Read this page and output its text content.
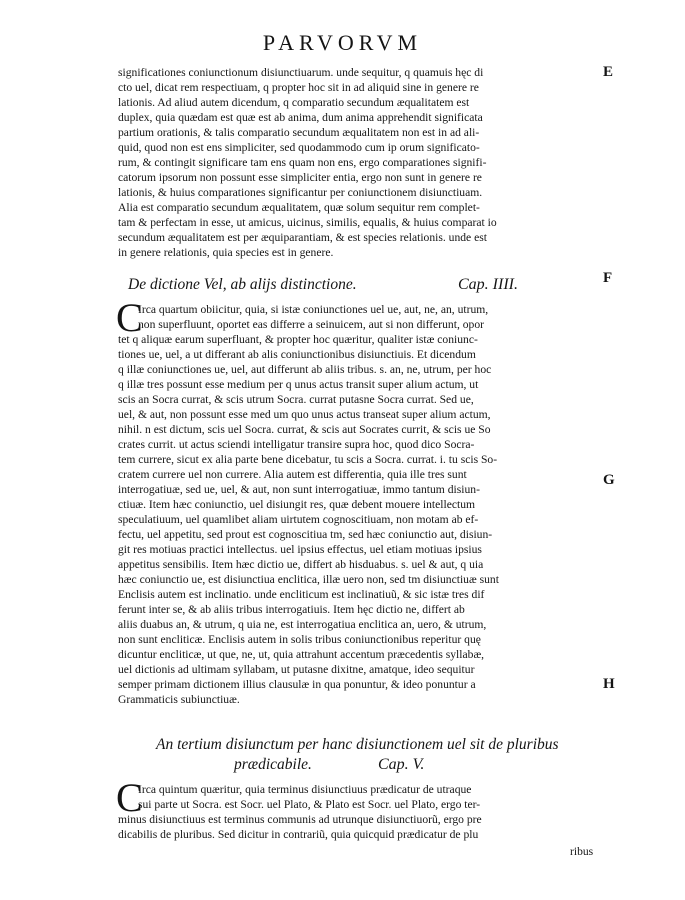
PARVORVM
E
F
G
H
significationes coniunctionum disiunctiuarum. unde sequitur, q quamuis hęc di
cto uel, dicat rem respectiuam, q propter hoc sit in ad aliquid sine in genere re
lationis. Ad aliud autem dicendum, q comparatio secundum æqualitatem est
duplex, quia quædam est quæ est ab anima, dum anima apprehendit significata
partium orationis, & talis comparatio secundum æqualitatem non est in ad ali-
quid, quod non est ens simpliciter, sed quodammodo cum ip orum significato-
rum, & contingit significare tam ens quam non ens, ergo comparationes signifi-
catorum ipsorum non possunt esse simpliciter entia, ergo non sunt in genere re
lationis, & huius comparationes significantur per coniunctionem disiunctiuam.
Alia est comparatio secundum æqualitatem, quæ solum sequitur rem complet-
tam & perfectam in esse, ut amicus, uicinus, similis, equalis, & huius comparat io
secundum æqualitatem est per æquiparantiam, & est species relationis. unde est
in genere relationis, quia species est in genere.
De dictione Vel, ab alijs distinctione.	Cap. IIII.
C
Irca quartum obiicitur, quia, si istæ coniunctiones uel ue, aut, ne, an, utrum,
non superfluunt, oportet eas differre a seinuicem, aut si non differunt, opor
tet q aliquæ earum superfluant, & propter hoc quæritur, qualiter istæ coniunc-
tiones ue, uel, a ut differant ab alis coniunctionibus disiunctiuis. Et dicendum
q illæ coniunctiones ue, uel, aut differunt ab aliis tribus. s. an, ne, utrum, per hoc
q illæ tres possunt esse medium per q unus actus transit super alium actum, ut
scis an Socra currat, & scis utrum Socra. currat putasne Socra currat. Sed ue,
uel, & aut, non possunt esse med um quo unus actus transeat super alium actum,
nihil. n est dictum, scis uel Socra. currat, & scis aut Socrates currit, & scis ue So
crates currit. ut actus sciendi intelligatur transire supra hoc, quod dico Socra-
tem currere, sicut ex alia parte bene dicebatur, tu scis a Socra. currat. i. tu scis So-
cratem currere uel non currere. Alia autem est differentia, quia ille tres sunt
interrogatiuæ, sed ue, uel, & aut, non sunt interrogatiuæ, immo tantum disiun-
ctiuæ. Item hæc coniunctio, uel disiungit res, quæ debent mouere intellectum
speculatiuum, uel quamlibet aliam uirtutem cognoscitiuam, non motam ab ef-
fectu, uel appetitu, sed prout est cognoscitiua tm, sed hæc coniunctio aut, disiun-
git res motiuas practici intellectus. uel ipsius effectus, uel etiam motiuas ipsius
appetitus sensibilis. Item hæc dictio ue, differt ab hisduabus. s. uel & aut, q uia
hæc coniunctio ue, est disiunctiua enclitica, illæ uero non, sed tm disiunctiuæ sunt
Enclisis autem est inclinatio. unde encliticum est inclinatiuũ, & sic istæ tres dif
ferunt inter se, & ab aliis tribus interrogatiuis. Item hęc dictio ne, differt ab
aliis duabus an, & utrum, q uia ne, est interrogatiua enclitica an, uero, & utrum,
non sunt encliticæ. Enclisis autem in solis tribus coniunctionibus reperitur quę
dicuntur encliticæ, ut que, ne, ut, quia attrahunt accentum præcedentis syllabæ,
uel dictionis ad ultimam syllabam, ut putasne dixitne, amatque, ideo sequitur
semper primam dictionem illius clausulæ in qua ponuntur, & ideo ponuntur a
Grammaticis subiunctiuæ.
An tertium disiunctum per hanc disiunctionem uel sit de pluribus
prædicabile.	Cap. V.
C
Irca quintum quæritur, quia terminus disiunctiuus prædicatur de utraque
sui parte ut Socra. est Socr. uel Plato, & Plato est Socr. uel Plato, ergo ter-
minus disiunctiuus est terminus communis ad utrunque disiunctiuorũ, ergo pre
dicabilis de pluribus. Sed dicitur in contrariũ, quia quicquid prædicatur de plu
ribus
